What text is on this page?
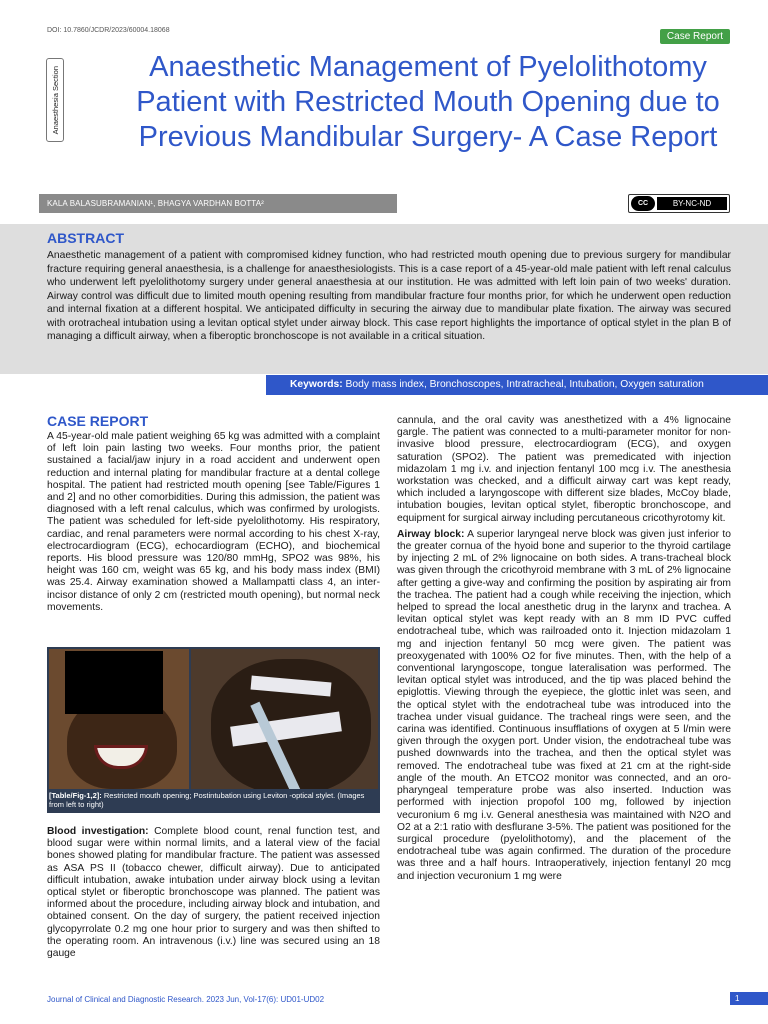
DOI: 10.7860/JCDR/2023/60004.18068
Case Report
Anaesthesia Section	Anaesthetic Management of Pyelolithotomy Patient with Restricted Mouth Opening due to Previous Mandibular Surgery- A Case Report
KALA BALASUBRAMANIAN¹, BHAGYA VARDHAN BOTTA²	CC	BY-NC-ND
ABSTRACT

Anaesthetic management of a patient with compromised kidney function, who had restricted mouth opening due to previous surgery for mandibular fracture requiring general anaesthesia, is a challenge for anaesthesiologists. This is a case report of a 45-year-old male patient with left renal calculus who underwent left pyelolithotomy surgery under general anaesthesia at our institution. He was admitted with left loin pain of two weeks' duration. Airway control was difficult due to limited mouth opening resulting from mandibular fracture four months prior, for which he underwent open reduction and internal fixation at a different hospital. We anticipated difficulty in securing the airway due to mandibular plate fixation. The airway was secured with orotracheal intubation using a levitan optical stylet under airway block. This case report highlights the importance of optical stylet in the plan B of managing a difficult airway, when a fiberoptic bronchoscope is not available in a critical situation.

Keywords: Body mass index, Bronchoscopes, Intratracheal, Intubation, Oxygen saturation
CASE REPORT

A 45-year-old male patient weighing 65 kg was admitted with a complaint of left loin pain lasting two weeks. Four months prior, the patient sustained a facial/jaw injury in a road accident and underwent open reduction and internal plating for mandibular fracture at a dental college hospital. The patient had restricted mouth opening [see Table/Figures 1 and 2] and no other comorbidities. During this admission, the patient was diagnosed with a left renal calculus, which was confirmed by urologists. The patient was scheduled for left-side pyelolithotomy. His respiratory, cardiac, and renal parameters were normal according to his chest X-ray, electrocardiogram (ECG), echocardiogram (ECHO), and biochemical reports. His blood pressure was 120/80 mmHg, SPO2 was 98%, his height was 160 cm, weight was 65 kg, and his body mass index (BMI) was 25.4. Airway examination showed a Mallampatti class 4, an inter-incisor distance of only 2 cm (restricted mouth opening), but normal neck movements.

[Table/Fig-1,2]: Restricted mouth opening; Postintubation using Leviton -optical stylet. (Images from left to right)

Blood investigation: Complete blood count, renal function test, and blood sugar were within normal limits, and a lateral view of the facial bones showed plating for mandibular fracture. The patient was assessed as ASA PS II (tobacco chewer, difficult airway). Due to anticipated difficult intubation, awake intubation under airway block using a levitan optical stylet or fiberoptic bronchoscope was planned. The patient was informed about the procedure, including airway block and intubation, and obtained consent. On the day of surgery, the patient received injection glycopyrrolate 0.2 mg one hour prior to surgery and was then shifted to the operating room. An intravenous (i.v.) line was secured using an 18 gauge

cannula, and the oral cavity was anesthetized with a 4% lignocaine gargle. The patient was connected to a multi-parameter monitor for non-invasive blood pressure, electrocardiogram (ECG), and oxygen saturation (SPO2). The patient was premedicated with injection midazolam 1 mg i.v. and injection fentanyl 100 mcg i.v. The anesthesia workstation was checked, and a difficult airway cart was kept ready, which included a laryngoscope with different size blades, McCoy blade, intubation bougies, levitan optical stylet, fiberoptic bronchoscope, and equipment for surgical airway including percutaneous cricothyrotomy kit.

Airway block: A superior laryngeal nerve block was given just inferior to the greater cornua of the hyoid bone and superior to the thyroid cartilage by injecting 2 mL of 2% lignocaine on both sides. A trans-tracheal block was given through the cricothyroid membrane with 3 mL of 2% lignocaine after getting a give-way and confirming the position by aspirating air from the trachea. The patient had a cough while receiving the injection, which helped to spread the local anesthetic drug in the larynx and trachea. A levitan optical stylet was kept ready with an 8 mm ID PVC cuffed endotracheal tube, which was railroaded onto it. Injection midazolam 1 mg and injection fentanyl 50 mcg were given. The patient was preoxygenated with 100% O2 for five minutes. Then, with the help of a conventional laryngoscope, tongue lateralisation was performed. The levitan optical stylet was introduced, and the tip was placed behind the epiglottis. Viewing through the eyepiece, the glottic inlet was seen, and the optical stylet with the endotracheal tube was introduced into the trachea under visual guidance. The tracheal rings were seen, and the carina was identified. Continuous insufflations of oxygen at 5 l/min were given through the oxygen port. Under vision, the endotracheal tube was pushed downwards into the trachea, and then the optical stylet was removed. The endotracheal tube was fixed at 21 cm at the right-side angle of the mouth. An ETCO2 monitor was connected, and an oro-pharyngeal temperature probe was also inserted. Induction was performed with injection propofol 100 mg, followed by injection vecuronium 6 mg i.v. General anesthesia was maintained with N2O and O2 at a 2:1 ratio with desflurane 3-5%. The patient was positioned for the surgical procedure (pyelolithotomy), and the placement of the endotracheal tube was again confirmed. The duration of the procedure was three and a half hours. Intraoperatively, injection fentanyl 20 mcg and injection vecuronium 1 mg were

Journal of Clinical and Diagnostic Research. 2023 Jun, Vol-17(6): UD01-UD02	1
